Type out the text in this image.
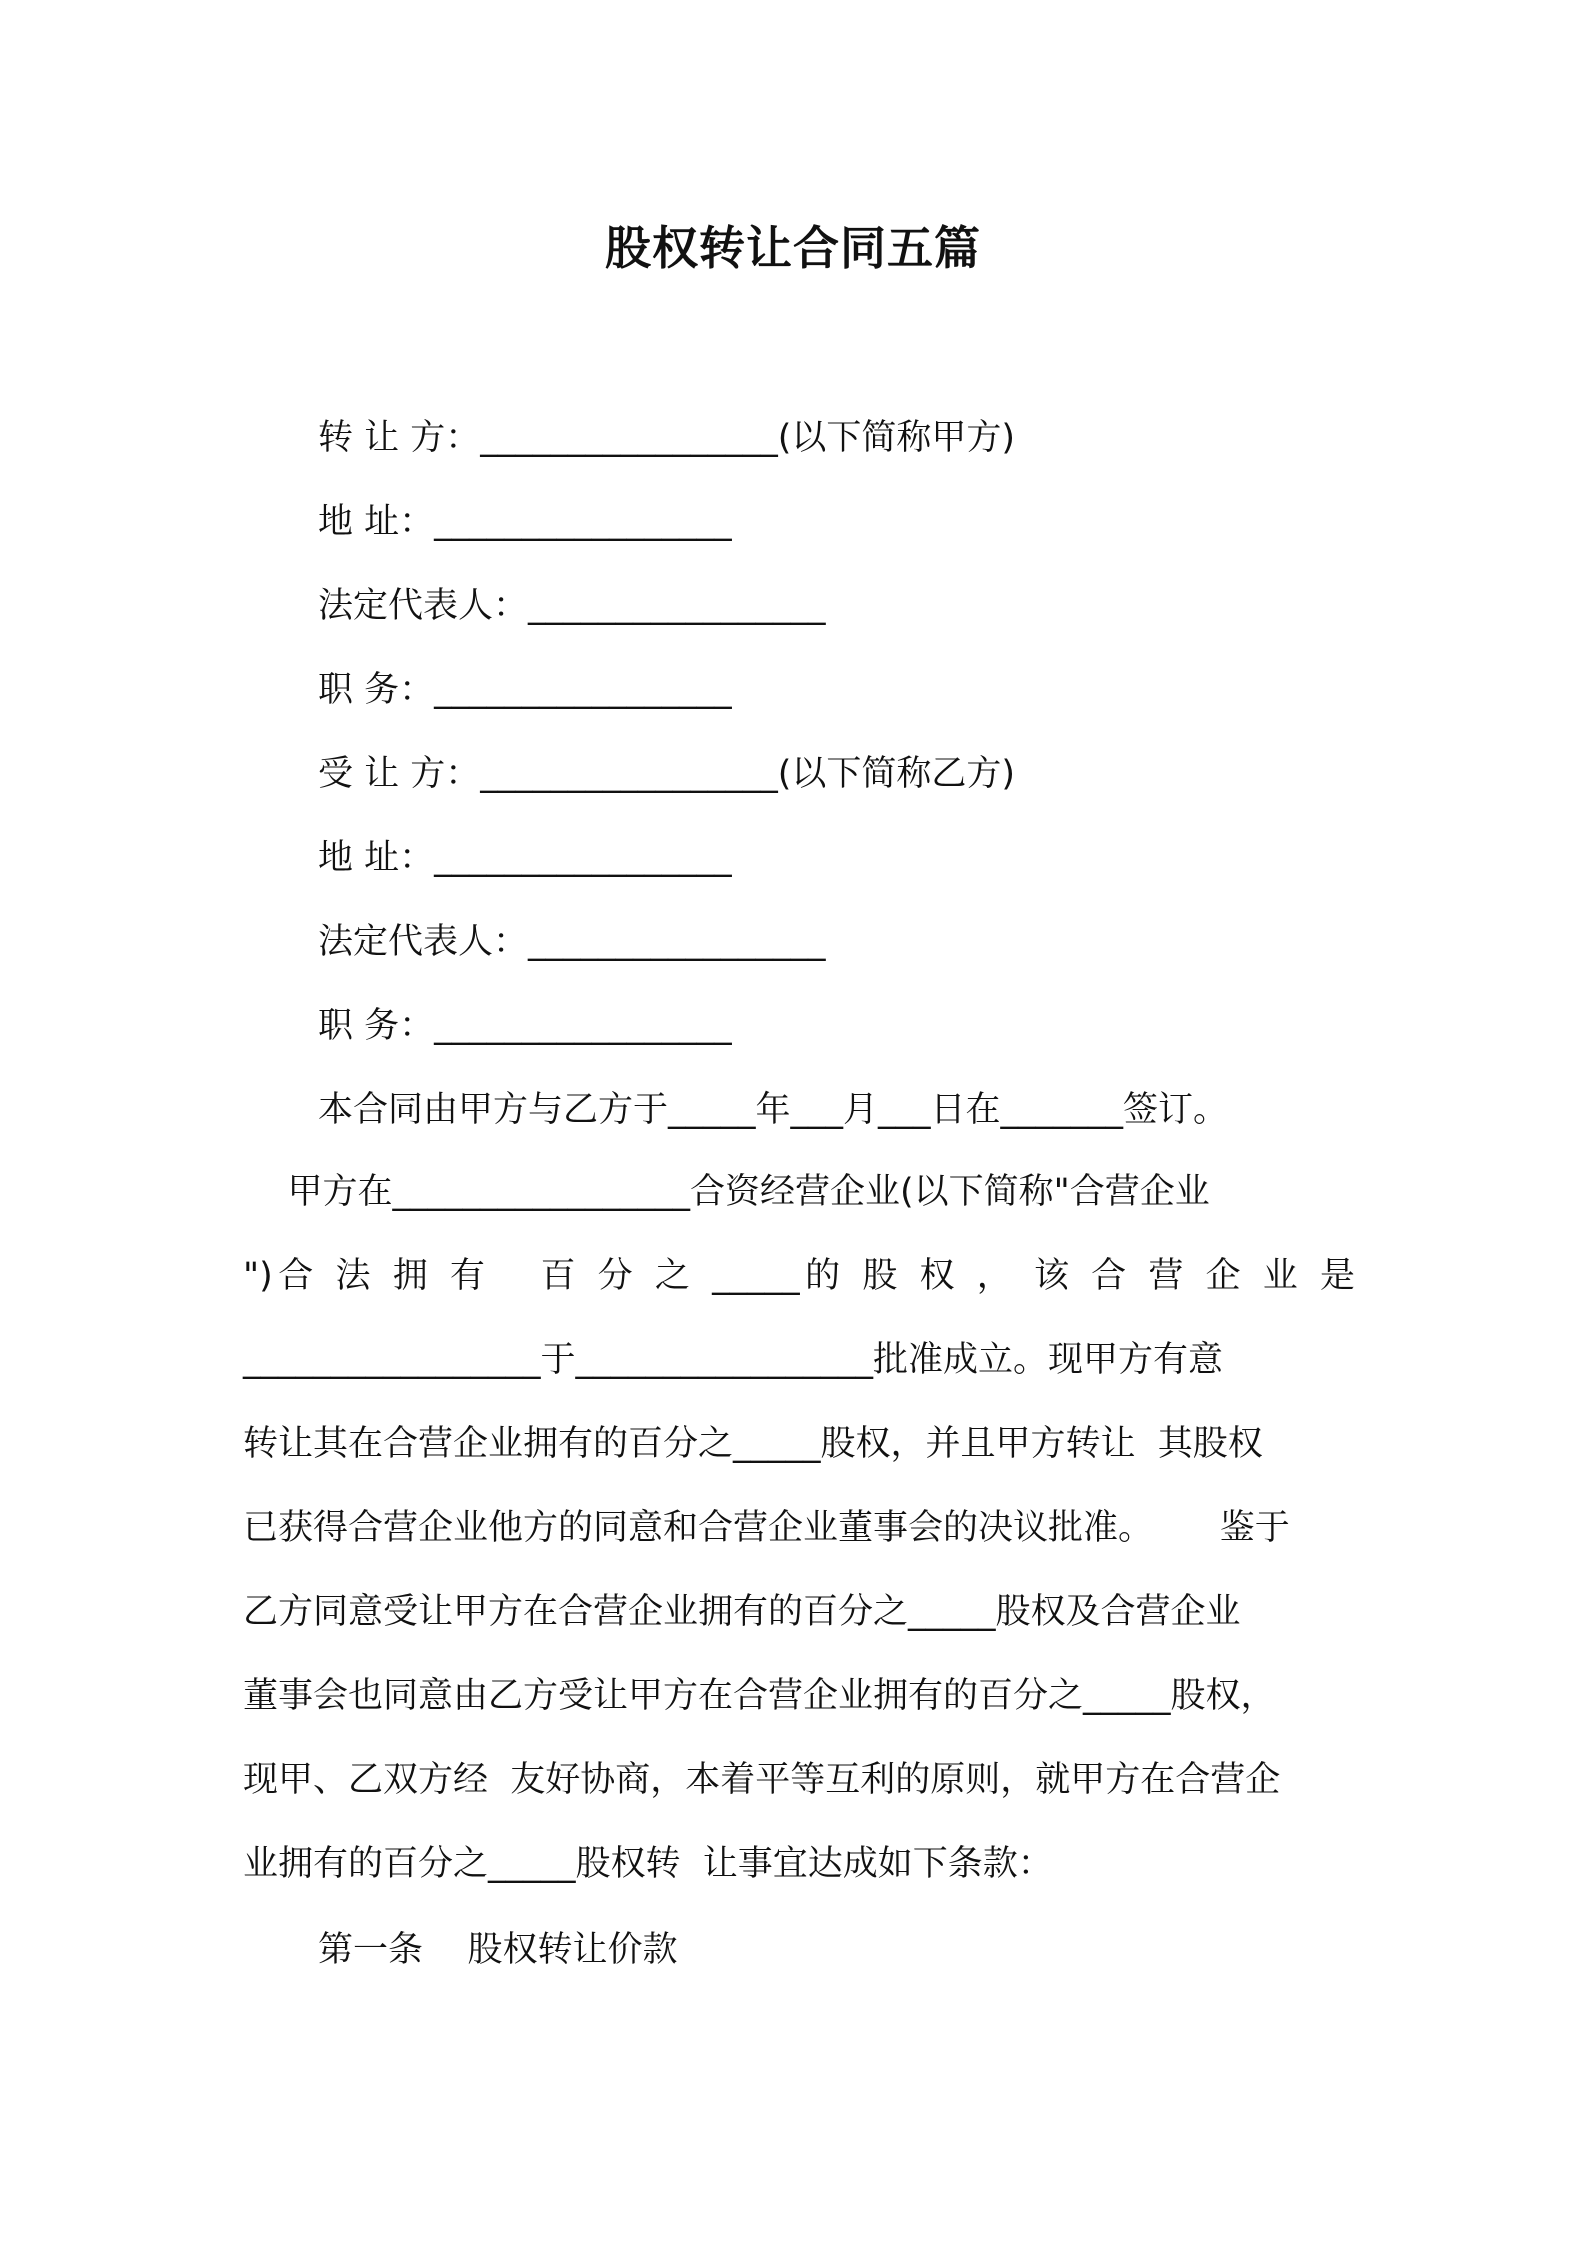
股权转让合同五篇
转 让 方：_________________(以下简称甲方)
地 址：_________________
法定代表人：_________________
职 务：_________________
受 让 方：_________________(以下简称乙方)
地 址：_________________
法定代表人：_________________
职 务：_________________
本合同由甲方与乙方于_____年___月___日在_______签订。
甲方在_________________合资经营企业(以下简称"合营企业
")合 法 拥 有   百 分 之 _____的 股 权 ， 该 合 营 企 业 是
_________________于_________________批准成立。现甲方有意
转让其在合营企业拥有的百分之_____股权，并且甲方转让  其股权
已获得合营企业他方的同意和合营企业董事会的决议批准。      鉴于
乙方同意受让甲方在合营企业拥有的百分之_____股权及合营企业
董事会也同意由乙方受让甲方在合营企业拥有的百分之_____股权，
现甲、乙双方经  友好协商，本着平等互利的原则，就甲方在合营企
业拥有的百分之_____股权转  让事宜达成如下条款：
第一条    股权转让价款
